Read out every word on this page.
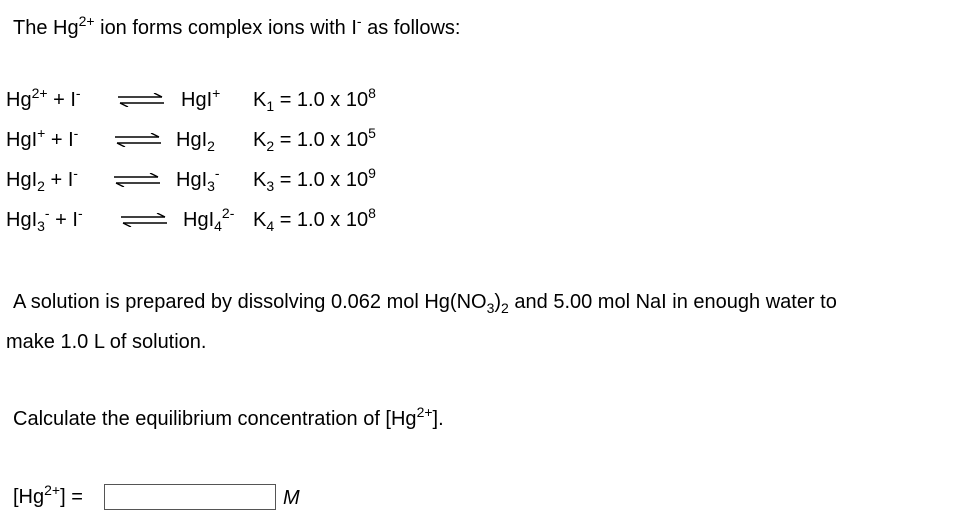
The $Hg^{2+}$ ion forms complex ions with I- as follows:
$Hg^{2+} + I^-$ ⇌ HgI+ $K_1 = 1.0$ x $10^8$
HgI+ + I- ⇌ HgI$_2$ $K_2 = 1.0$ x $10^5$
HgI$_2$ + I- ⇌ HgI$_3$- $K_3 = 1.0$ x $10^9$
HgI$_3$- + I- ⇌ HgI$_4^{2-}$ $K_4 = 1.0$ x $10^8$
A solution is prepared by dissolving 0.062 mol $Hg(NO_3)_2$ and 5.00 mol NaI in enough water to
make 1.0 L of solution.
Calculate the equilibrium concentration of $[Hg^{2+}]$.
$[Hg^{2+}]$ =	M
